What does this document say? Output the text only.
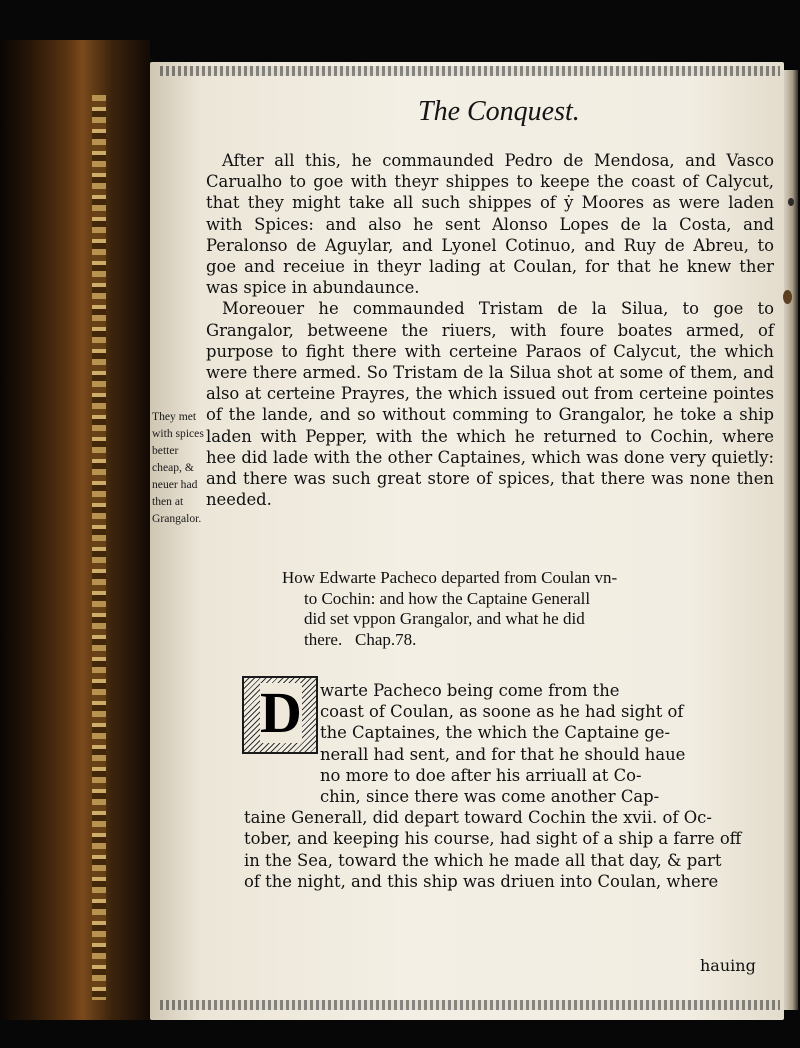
The Conquest.

After all this, he commaunded Pedro de Mendosa, and Vasco Carualho to goe with theyr shippes to keepe the coast of Calycut, that they might take all such shippes of ẏ Moores as were laden with Spices: and also he sent Alonso Lopes de la Costa, and Peralonso de Aguylar, and Lyonel Cotinuo, and Ruy de Abreu, to goe and receiue in theyr lading at Coulan, for that he knew ther was spice in abundaunce.

Moreouer he commaunded Tristam de la Silua, to goe to Grangalor, betweene the riuers, with foure boates armed, of purpose to fight there with certeine Paraos of Calycut, the which were there armed. So Tristam de la Silua shot at some of them, and also at certeine Prayres, the which issued out from certeine pointes of the lande, and so without comming to Grangalor, he toke a ship laden with Pepper, with the which he returned to Cochin, where hee did lade with the other Captaines, which was done very quietly: and there was such great store of spices, that there was none then needed.

They met with spices better cheap, & neuer had then at Grangalor.
How Edwarte Pacheco departed from Coulan vn-
to Cochin: and how the Captaine Generall
did set vppon Grangalor, and what he did
there. Chap.78.
D	warte Pacheco being come from the
coast of Coulan, as soone as he had sight of
the Captaines, the which the Captaine ge-
nerall had sent, and for that he should haue
no more to doe after his arriuall at Co-
chin, since there was come another Cap-
taine Generall, did depart toward Cochin the xvii. of Oc-
tober, and keeping his course, had sight of a ship a farre off
in the Sea, toward the which he made all that day, & part
of the night, and this ship was driuen into Coulan, where
hauing
